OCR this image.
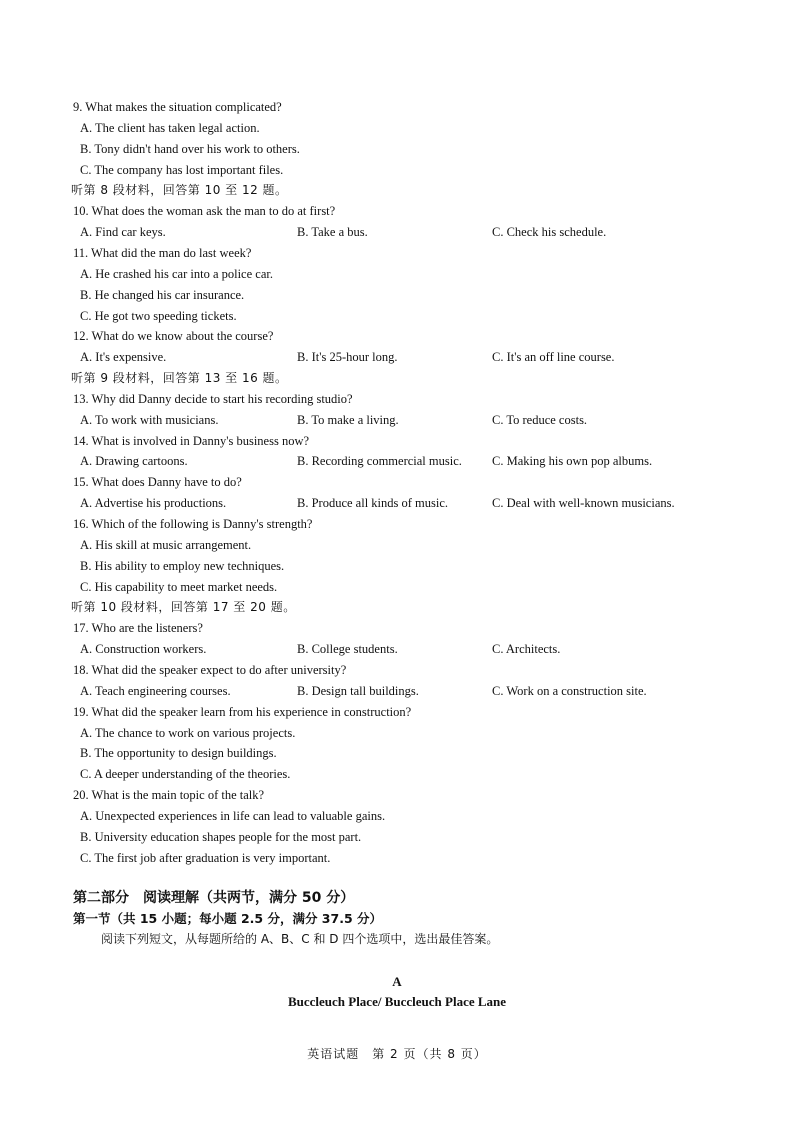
9. What makes the situation complicated?
A. The client has taken legal action.
B. Tony didn't hand over his work to others.
C. The company has lost important files.
听第 8 段材料，回答第 10 至 12 题。
10. What does the woman ask the man to do at first?
A. Find car keys.	B. Take a bus.	C. Check his schedule.
11. What did the man do last week?
A. He crashed his car into a police car.
B. He changed his car insurance.
C. He got two speeding tickets.
12. What do we know about the course?
A. It's expensive.	B. It's 25-hour long.	C. It's an off line course.
听第 9 段材料，回答第 13 至 16 题。
13. Why did Danny decide to start his recording studio?
A. To work with musicians.	B. To make a living.	C. To reduce costs.
14. What is involved in Danny's business now?
A. Drawing cartoons.	B. Recording commercial music. C. Making his own pop albums.
15. What does Danny have to do?
A. Advertise his productions.	B. Produce all kinds of music.	C. Deal with well-known musicians.
16. Which of the following is Danny's strength?
A. His skill at music arrangement.
B. His ability to employ new techniques.
C. His capability to meet market needs.
听第 10 段材料，回答第 17 至 20 题。
17. Who are the listeners?
A. Construction workers.	B. College students.	C. Architects.
18. What did the speaker expect to do after university?
A. Teach engineering courses.	B. Design tall buildings.	C. Work on a construction site.
19. What did the speaker learn from his experience in construction?
A. The chance to work on various projects.
B. The opportunity to design buildings.
C. A deeper understanding of the theories.
20. What is the main topic of the talk?
A. Unexpected experiences in life can lead to valuable gains.
B. University education shapes people for the most part.
C. The first job after graduation is very important.
第二部分　阅读理解（共两节，满分 50 分）
第一节（共 15 小题；每小题 2.5 分，满分 37.5 分）
阅读下列短文，从每题所给的 A、B、C 和 D 四个选项中，选出最佳答案。
A
Buccleuch Place/ Buccleuch Place Lane
英语试题　第 2 页（共 8 页）
